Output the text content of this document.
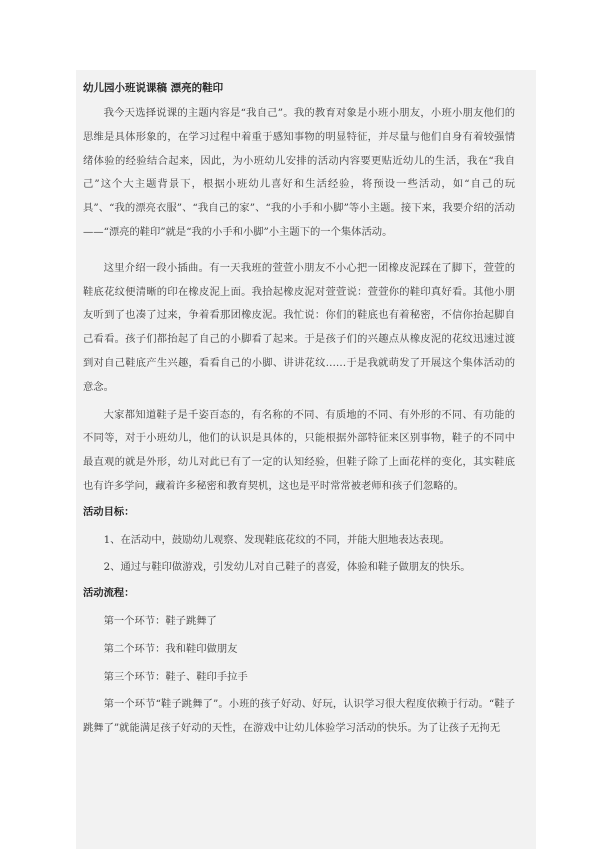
幼儿园小班说课稿 漂亮的鞋印

我今天选择说课的主题内容是“我自己”。我的教育对象是小班小朋友，小班小朋友他们的思维是具体形象的，在学习过程中着重于感知事物的明显特征，并尽量与他们自身有着较强情绪体验的经验结合起来，因此，为小班幼儿安排的活动内容要更贴近幼儿的生活，我在“我自己”这个大主题背景下，根据小班幼儿喜好和生活经验，将预设一些活动，如“自己的玩具”、“我的漂亮衣服”、“我自己的家”、“我的小手和小脚”等小主题。接下来，我要介绍的活动——“漂亮的鞋印”就是“我的小手和小脚”小主题下的一个集体活动。

这里介绍一段小插曲。有一天我班的萱萱小朋友不小心把一团橡皮泥踩在了脚下，萱萱的鞋底花纹便清晰的印在橡皮泥上面。我拾起橡皮泥对萱萱说：萱萱你的鞋印真好看。其他小朋友听到了也凑了过来，争着看那团橡皮泥。我忙说：你们的鞋底也有着秘密，不信你抬起脚自己看看。孩子们都抬起了自己的小脚看了起来。于是孩子们的兴趣点从橡皮泥的花纹迅速过渡到对自己鞋底产生兴趣，看看自己的小脚、讲讲花纹……于是我就萌发了开展这个集体活动的意念。

大家都知道鞋子是千姿百态的，有名称的不同、有质地的不同、有外形的不同、有功能的不同等，对于小班幼儿，他们的认识是具体的，只能根据外部特征来区别事物，鞋子的不同中最直观的就是外形，幼儿对此已有了一定的认知经验，但鞋子除了上面花样的变化，其实鞋底也有许多学问，藏着许多秘密和教育契机，这也是平时常常被老师和孩子们忽略的。

活动目标：

1、在活动中，鼓励幼儿观察、发现鞋底花纹的不同，并能大胆地表达表现。

2、通过与鞋印做游戏，引发幼儿对自己鞋子的喜爱，体验和鞋子做朋友的快乐。

活动流程：

第一个环节：鞋子跳舞了

第二个环节：我和鞋印做朋友

第三个环节：鞋子、鞋印手拉手

第一个环节“鞋子跳舞了”。小班的孩子好动、好玩，认识学习很大程度依赖于行动。“鞋子跳舞了”就能满足孩子好动的天性，在游戏中让幼儿体验学习活动的快乐。为了让孩子无拘无
